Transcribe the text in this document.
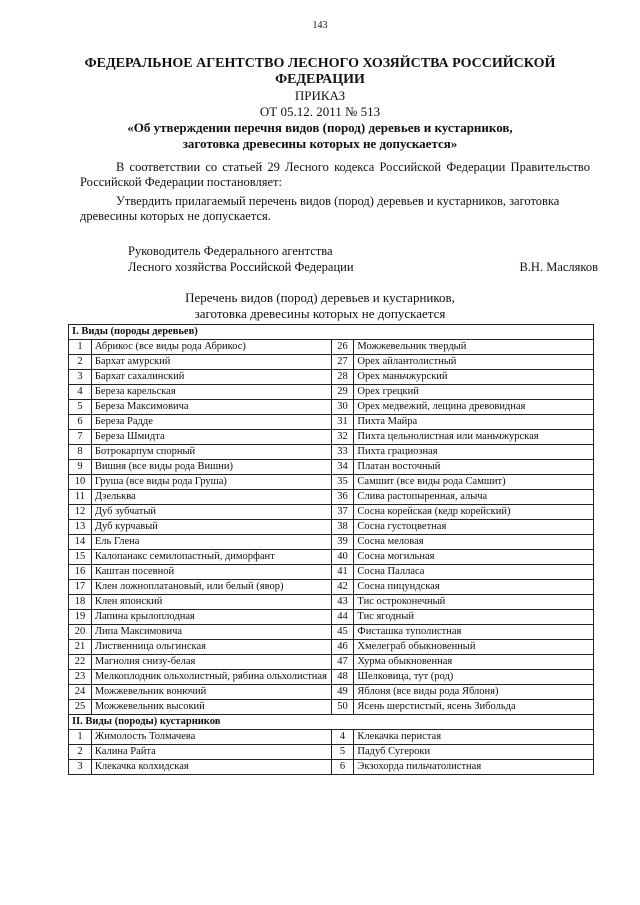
143
ФЕДЕРАЛЬНОЕ АГЕНТСТВО ЛЕСНОГО ХОЗЯЙСТВА РОССИЙСКОЙ
ФЕДЕРАЦИИ
ПРИКАЗ
ОТ 05.12. 2011 № 513
«Об утверждении перечня видов (пород) деревьев и кустарников,
заготовка древесины которых не допускается»
В соответствии со статьей 29 Лесного кодекса Российской Федерации Правительство Российской Федерации постановляет:
Утвердить прилагаемый перечень видов (пород) деревьев и кустарников, заготовка древесины которых не допускается.
Руководитель Федерального агентства
Лесного хозяйства Российской Федерации	В.Н. Масляков
Перечень видов (пород) деревьев и кустарников,
заготовка древесины которых не допускается
I. Виды (породы деревьев)			
1	Абрикос (все виды рода Абрикос)	26	Можжевельник твердый
2	Бархат амурский	27	Орех айлантолистный
3	Бархат сахалинский	28	Орех маньчжурский
4	Береза карельская	29	Орех грецкий
5	Береза Максимовича	30	Орех медвежий, лещина древовидная
6	Береза Радде	31	Пихта Майра
7	Береза Шмидта	32	Пихта цельнолистная или маньчжурская
8	Ботрокарпум спорный	33	Пихта грациозная
9	Вишня (все виды рода Вишни)	34	Платан восточный
10	Груша (все виды рода Груша)	35	Самшит (все виды рода Самшит)
11	Дзельква	36	Слива растопыренная, алыча
12	Дуб зубчатый	37	Сосна корейская (кедр корейский)
13	Дуб курчавый	38	Сосна густоцветная
14	Ель Глена	39	Сосна меловая
15	Калопанакс семилопастный, диморфант	40	Сосна могильная
16	Каштан посевной	41	Сосна Палласа
17	Клен ложноплатановый, или белый (явор)	42	Сосна пицундская
18	Клен японский	43	Тис остроконечный
19	Лапина крылоплодная	44	Тис ягодный
20	Липа Максимовича	45	Фисташка туполистная
21	Лиственница ольгинская	46	Хмелеграб обыкновенный
22	Магнолия снизу-белая	47	Хурма обыкновенная
23	Мелкоплодник ольхолистный, рябина ольхолистная	48	Шелковица, тут (род)
24	Можжевельник вонючий	49	Яблоня (все виды рода Яблоня)
25	Можжевельник высокий	50	Ясень шерстистый, ясень Зибольда
II. Виды (породы) кустарников			
1	Жимолость Толмачева	4	Клекачка перистая
2	Калина Райта	5	Падуб Сугероки
3	Клекачка колхидская	6	Экзохорда пильчатолистная
